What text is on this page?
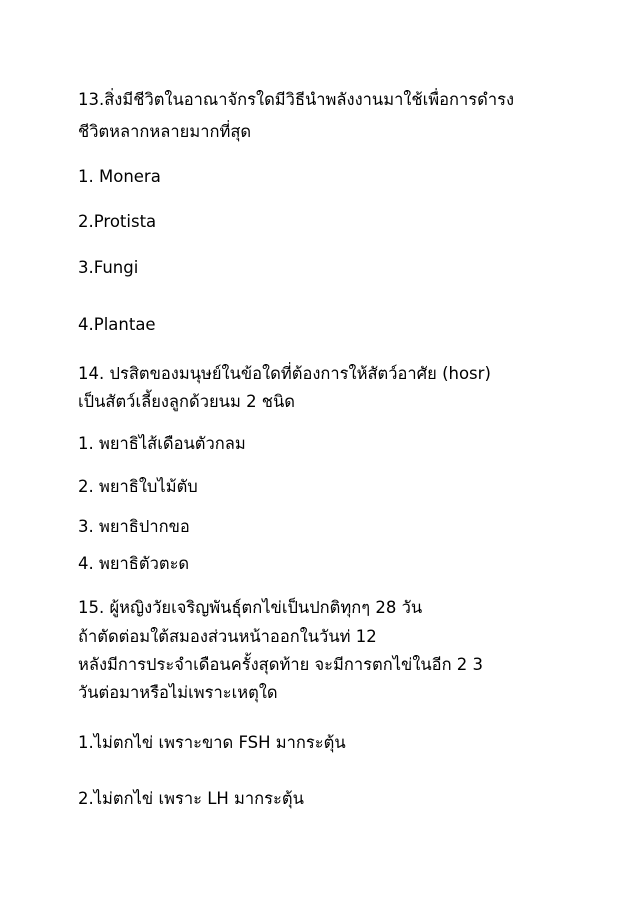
13.สิ่งมีชีวิตในอาณาจักรใดมีวิธีนำพลังงานมาใช้เพื่อการดำรง
ชีวิตหลากหลายมากที่สุด
1. Monera
2.Protista
3.Fungi
4.Plantae
14. ปรสิตของมนุษย์ในข้อใดที่ต้องการให้สัตว์อาศัย (hosr)
เป็นสัตว์เลี้ยงลูกด้วยนม 2 ชนิด
1. พยาธิไส้เดือนตัวกลม
2. พยาธิใบไม้ตับ
3. พยาธิปากขอ
4. พยาธิตัวตะด
15. ผู้หญิงวัยเจริญพันธุ์ตกไข่เป็นปกติทุกๆ 28 วัน
ถ้าตัดต่อมใต้สมองส่วนหน้าออกในวันท่ 12
หลังมีการประจำเดือนครั้งสุดท้าย จะมีการตกไข่ในอีก 2 3
วันต่อมาหรือไม่เพราะเหตุใด
1.ไม่ตกไข่ เพราะขาด FSH มากระตุ้น
2.ไม่ตกไข่ เพราะ LH มากระตุ้น
